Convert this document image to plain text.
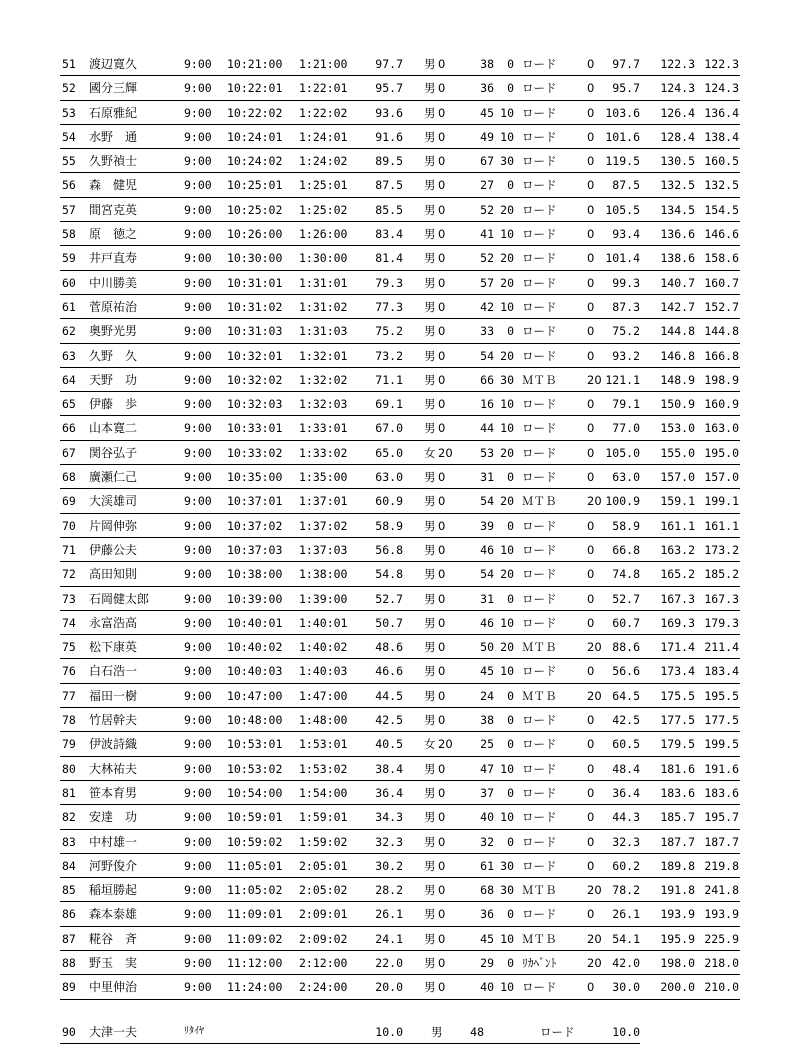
51 渡辺寛久	9:00 10:21:00 1:21:00	97.7 男 0	38	0 ロード	0	97.7	122.3 122.3
52 國分三輝	9:00 10:22:01 1:22:01	95.7 男 0	36	0 ロード	0	95.7	124.3 124.3
53 石原雅紀	9:00 10:22:02 1:22:02	93.6 男 0	45 10 ロード	0 103.6	126.4 136.4
54 水野　通	9:00 10:24:01 1:24:01	91.6 男 0	49 10 ロード	0 101.6	128.4 138.4
55 久野禎士	9:00 10:24:02 1:24:02	89.5 男 0	67 30 ロード	0 119.5	130.5 160.5
56 森　健児	9:00 10:25:01 1:25:01	87.5 男 0	27	0 ロード	0	87.5	132.5 132.5
57 間宮克英	9:00 10:25:02 1:25:02	85.5 男 0	52 20 ロード	0 105.5	134.5 154.5
58 原　徳之	9:00 10:26:00 1:26:00	83.4 男 0	41 10 ロード	0	93.4	136.6 146.6
59 井戸直寿	9:00 10:30:00 1:30:00	81.4 男 0	52 20 ロード	0 101.4	138.6 158.6
60 中川勝美	9:00 10:31:01 1:31:01	79.3 男 0	57 20 ロード	0	99.3	140.7 160.7
61 菅原祐治	9:00 10:31:02 1:31:02	77.3 男 0	42 10 ロード	0	87.3	142.7 152.7
62 奥野光男	9:00 10:31:03 1:31:03	75.2 男 0	33	0 ロード	0	75.2	144.8 144.8
63 久野　久	9:00 10:32:01 1:32:01	73.2 男 0	54 20 ロード	0	93.2	146.8 166.8
64 天野　功	9:00 10:32:02 1:32:02	71.1 男 0	66 30 ＭＴＢ	20 121.1	148.9 198.9
65 伊藤　歩	9:00 10:32:03 1:32:03	69.1 男 0	16 10 ロード	0	79.1	150.9 160.9
66 山本寛二	9:00 10:33:01 1:33:01	67.0 男 0	44 10 ロード	0	77.0	153.0 163.0
67 関谷弘子	9:00 10:33:02 1:33:02	65.0 女 20	53 20 ロード	0 105.0	155.0 195.0
68 廣瀬仁己	9:00 10:35:00 1:35:00	63.0 男 0	31	0 ロード	0	63.0	157.0 157.0
69 大渓雄司	9:00 10:37:01 1:37:01	60.9 男 0	54 20 ＭＴＢ	20 100.9	159.1 199.1
70 片岡伸弥	9:00 10:37:02 1:37:02	58.9 男 0	39	0 ロード	0	58.9	161.1 161.1
71 伊藤公夫	9:00 10:37:03 1:37:03	56.8 男 0	46 10 ロード	0	66.8	163.2 173.2
72 高田知則	9:00 10:38:00 1:38:00	54.8 男 0	54 20 ロード	0	74.8	165.2 185.2
73 石岡健太郎	9:00 10:39:00 1:39:00	52.7 男 0	31	0 ロード	0	52.7	167.3 167.3
74 永富浩高	9:00 10:40:01 1:40:01	50.7 男 0	46 10 ロード	0	60.7	169.3 179.3
75 松下康英	9:00 10:40:02 1:40:02	48.6 男 0	50 20 ＭＴＢ	20 88.6	171.4 211.4
76 白石浩一	9:00 10:40:03 1:40:03	46.6 男 0	45 10 ロード	0	56.6	173.4 183.4
77 福田一樹	9:00 10:47:00 1:47:00	44.5 男 0	24	0 ＭＴＢ	20 64.5	175.5 195.5
78 竹居幹夫	9:00 10:48:00 1:48:00	42.5 男 0	38	0 ロード	0	42.5	177.5 177.5
79 伊波詩織	9:00 10:53:01 1:53:01	40.5 女 20	25	0 ロード	0	60.5	179.5 199.5
80 大林祐夫	9:00 10:53:02 1:53:02	38.4 男 0	47 10 ロード	0	48.4	181.6 191.6
81 笹本育男	9:00 10:54:00 1:54:00	36.4 男 0	37	0 ロード	0	36.4	183.6 183.6
82 安達　功	9:00 10:59:01 1:59:01	34.3 男 0	40 10 ロード	0	44.3	185.7 195.7
83 中村雄一	9:00 10:59:02 1:59:02	32.3 男 0	32	0 ロード	0	32.3	187.7 187.7
84 河野俊介	9:00 11:05:01 2:05:01	30.2 男 0	61 30 ロード	0	60.2	189.8 219.8
85 稲垣勝起	9:00 11:05:02 2:05:02	28.2 男 0	68 30 ＭＴＢ	20 78.2	191.8 241.8
86 森本泰雄	9:00 11:09:01 2:09:01	26.1 男 0	36	0 ロード	0	26.1	193.9 193.9
87 糀谷　斉	9:00 11:09:02 2:09:02	24.1 男 0	45 10 ＭＴＢ	20 54.1	195.9 225.9
88 野玉　実	9:00 11:12:00 2:12:00	22.0 男 0	29	0 ﾘｶﾍﾞﾝﾄ	20 42.0	198.0 218.0
89 中里伸治	9:00 11:24:00 2:24:00	20.0 男 0	40 10 ロード	0	30.0	200.0 210.0
90 大津一夫	ﾘﾀｲﾔ	10.0 男	48	ロード	10.0
